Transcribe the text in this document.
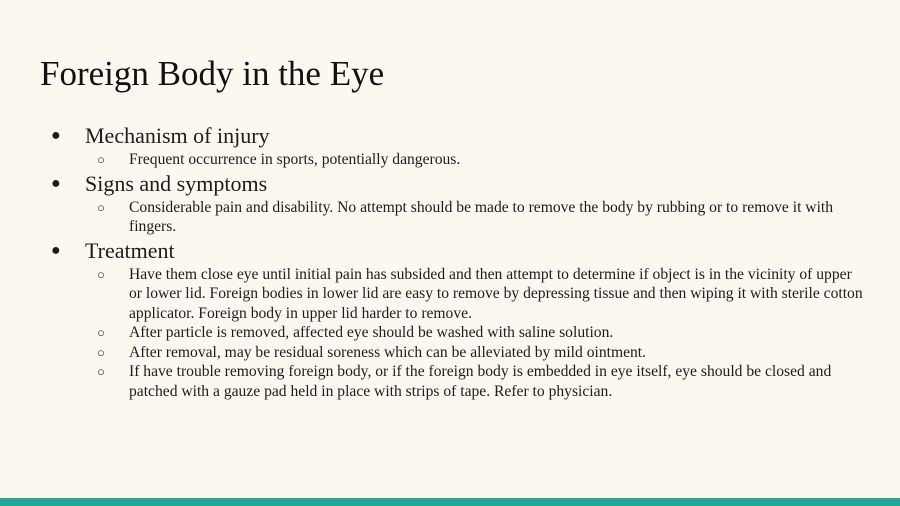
Foreign Body in the Eye
● Mechanism of injury
○ Frequent occurrence in sports, potentially dangerous.
● Signs and symptoms
○ Considerable pain and disability. No attempt should be made to remove the body by rubbing or to remove it with fingers.
● Treatment
○ Have them close eye until initial pain has subsided and then attempt to determine if object is in the vicinity of upper or lower lid. Foreign bodies in lower lid are easy to remove by depressing tissue and then wiping it with sterile cotton applicator. Foreign body in upper lid harder to remove.
○ After particle is removed, affected eye should be washed with saline solution.
○ After removal, may be residual soreness which can be alleviated by mild ointment.
○ If have trouble removing foreign body, or if the foreign body is embedded in eye itself, eye should be closed and patched with a gauze pad held in place with strips of tape. Refer to physician.
